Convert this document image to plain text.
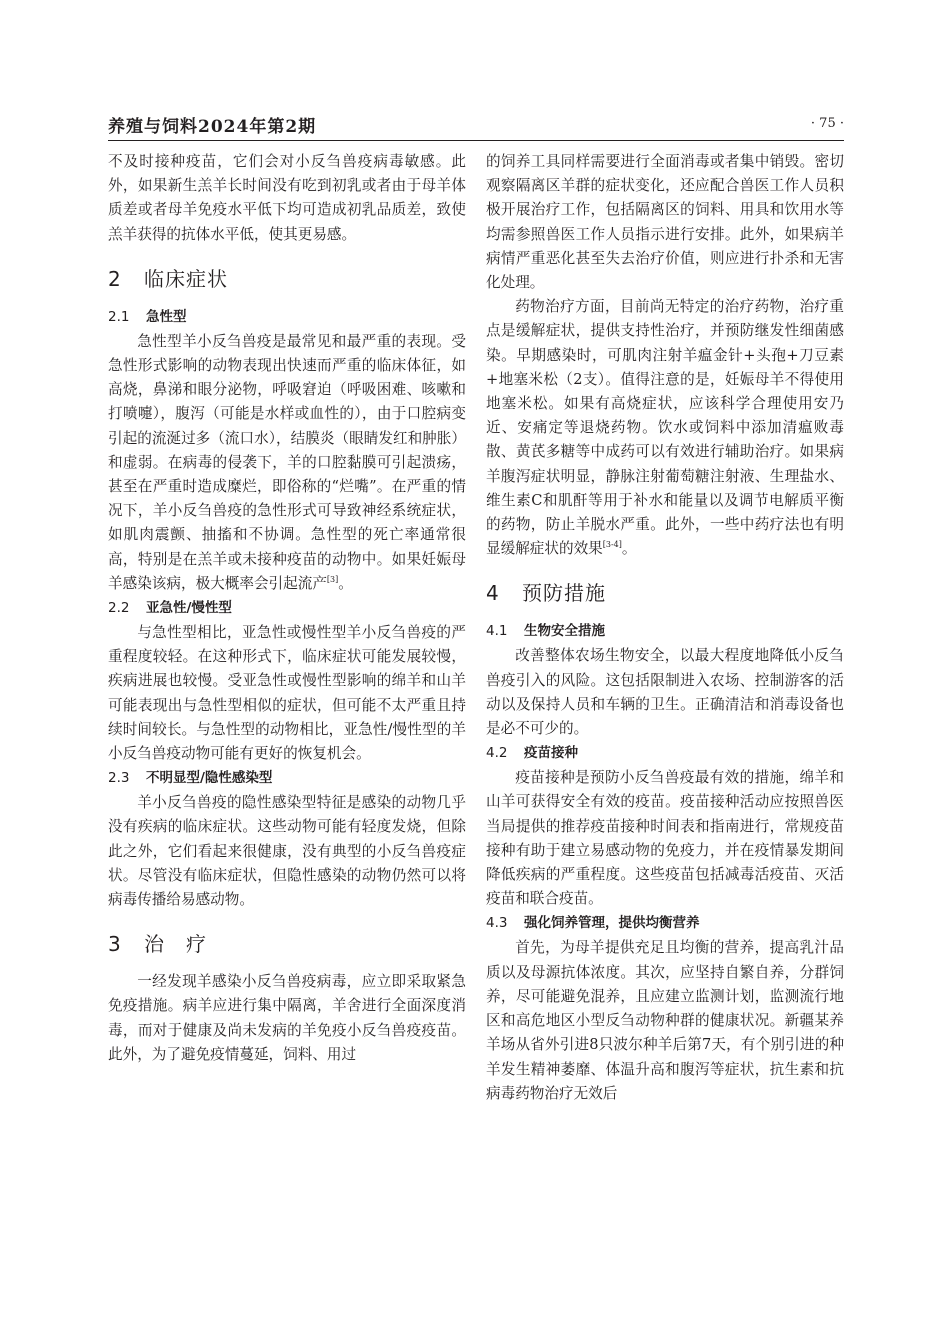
养殖与饲料2024年第2期	· 75 ·

不及时接种疫苗，它们会对小反刍兽疫病毒敏感。此外，如果新生羔羊长时间没有吃到初乳或者由于母羊体质差或者母羊免疫水平低下均可造成初乳品质差，致使羔羊获得的抗体水平低，使其更易感。

2 临床症状
2.1 急性型

急性型羊小反刍兽疫是最常见和最严重的表现。受急性形式影响的动物表现出快速而严重的临床体征，如高烧，鼻涕和眼分泌物，呼吸窘迫（呼吸困难、咳嗽和打喷嚏），腹泻（可能是水样或血性的），由于口腔病变引起的流涎过多（流口水），结膜炎（眼睛发红和肿胀）和虚弱。在病毒的侵袭下，羊的口腔黏膜可引起溃疡，甚至在严重时造成糜烂，即俗称的“烂嘴”。在严重的情况下，羊小反刍兽疫的急性形式可导致神经系统症状，如肌肉震颤、抽搐和不协调。急性型的死亡率通常很高，特别是在羔羊或未接种疫苗的动物中。如果妊娠母羊感染该病，极大概率会引起流产[3]。

2.2 亚急性/慢性型

与急性型相比，亚急性或慢性型羊小反刍兽疫的严重程度较轻。在这种形式下，临床症状可能发展较慢，疾病进展也较慢。受亚急性或慢性型影响的绵羊和山羊可能表现出与急性型相似的症状，但可能不太严重且持续时间较长。与急性型的动物相比，亚急性/慢性型的羊小反刍兽疫动物可能有更好的恢复机会。

2.3 不明显型/隐性感染型

羊小反刍兽疫的隐性感染型特征是感染的动物几乎没有疾病的临床症状。这些动物可能有轻度发烧，但除此之外，它们看起来很健康，没有典型的小反刍兽疫症状。尽管没有临床症状，但隐性感染的动物仍然可以将病毒传播给易感动物。

3 治　疗

一经发现羊感染小反刍兽疫病毒，应立即采取紧急免疫措施。病羊应进行集中隔离，羊舍进行全面深度消毒，而对于健康及尚未发病的羊免疫小反刍兽疫疫苗。此外，为了避免疫情蔓延，饲料、用过

的饲养工具同样需要进行全面消毒或者集中销毁。密切观察隔离区羊群的症状变化，还应配合兽医工作人员积极开展治疗工作，包括隔离区的饲料、用具和饮用水等均需参照兽医工作人员指示进行安排。此外，如果病羊病情严重恶化甚至失去治疗价值，则应进行扑杀和无害化处理。

药物治疗方面，目前尚无特定的治疗药物，治疗重点是缓解症状，提供支持性治疗，并预防继发性细菌感染。早期感染时，可肌肉注射羊瘟金针+头孢+刀豆素+地塞米松（2支）。值得注意的是，妊娠母羊不得使用地塞米松。如果有高烧症状，应该科学合理使用安乃近、安痛定等退烧药物。饮水或饲料中添加清瘟败毒散、黄芪多糖等中成药可以有效进行辅助治疗。如果病羊腹泻症状明显，静脉注射葡萄糖注射液、生理盐水、维生素C和肌酐等用于补水和能量以及调节电解质平衡的药物，防止羊脱水严重。此外，一些中药疗法也有明显缓解症状的效果[3-4]。

4 预防措施
4.1 生物安全措施

改善整体农场生物安全，以最大程度地降低小反刍兽疫引入的风险。这包括限制进入农场、控制游客的活动以及保持人员和车辆的卫生。正确清洁和消毒设备也是必不可少的。

4.2 疫苗接种

疫苗接种是预防小反刍兽疫最有效的措施，绵羊和山羊可获得安全有效的疫苗。疫苗接种活动应按照兽医当局提供的推荐疫苗接种时间表和指南进行，常规疫苗接种有助于建立易感动物的免疫力，并在疫情暴发期间降低疾病的严重程度。这些疫苗包括减毒活疫苗、灭活疫苗和联合疫苗。

4.3 强化饲养管理，提供均衡营养

首先，为母羊提供充足且均衡的营养，提高乳汁品质以及母源抗体浓度。其次，应坚持自繁自养，分群饲养，尽可能避免混养，且应建立监测计划，监测流行地区和高危地区小型反刍动物种群的健康状况。新疆某养羊场从省外引进8只波尔种羊后第7天，有个别引进的种羊发生精神萎靡、体温升高和腹泻等症状，抗生素和抗病毒药物治疗无效后
